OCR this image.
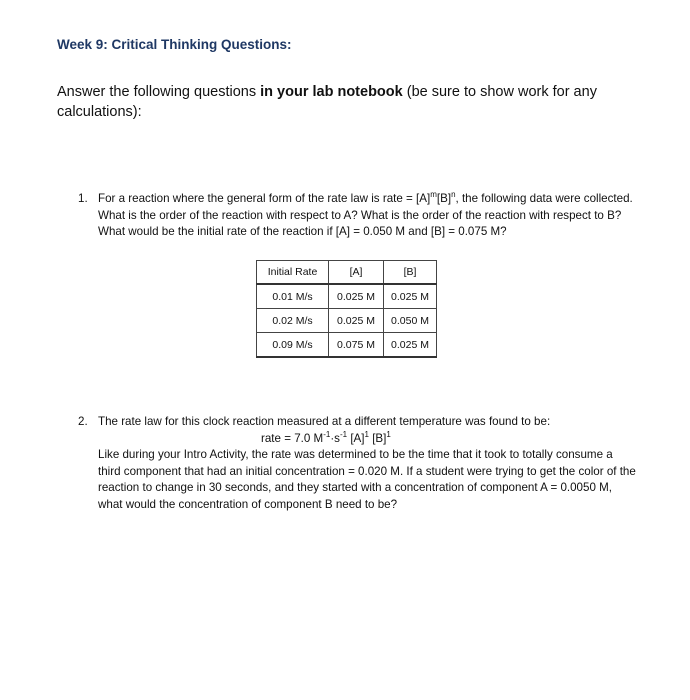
Week 9: Critical Thinking Questions:

Answer the following questions in your lab notebook (be sure to show work for any calculations):

1. For a reaction where the general form of the rate law is rate = $[A]^m[B]^n$, the following data were collected. What is the order of the reaction with respect to A? What is the order of the reaction with respect to B? What would be the initial rate of the reaction if [A] = 0.050 M and [B] = 0.075 M?
Initial Rate	[A]	[B]
0.01 M/s	0.025 M	0.025 M
0.02 M/s	0.025 M	0.050 M
0.09 M/s	0.075 M	0.025 M
2. The rate law for this clock reaction measured at a different temperature was found to be:
rate = 7.0 $M^{-1}\cdot s^{-1}$ $[A]^1$ $[B]^1$
Like during your Intro Activity, the rate was determined to be the time that it took to totally consume a third component that had an initial concentration = 0.020 M. If a student were trying to get the color of the reaction to change in 30 seconds, and they started with a concentration of component A = 0.0050 M, what would the concentration of component B need to be?
